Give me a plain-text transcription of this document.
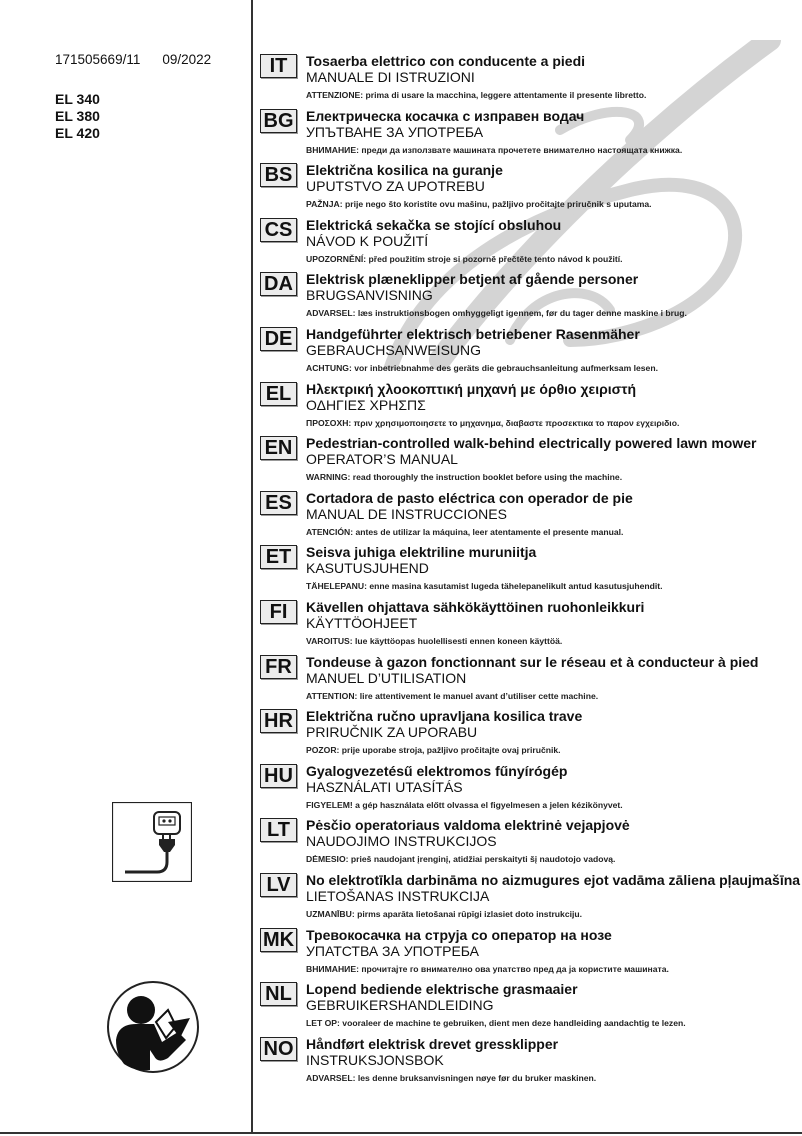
171505669/11 09/2022
EL 340
EL 380
EL 420
IT	Tosaerba elettrico con conducente a piedi
MANUALE DI ISTRUZIONI
ATTENZIONE: prima di usare la macchina, leggere attentamente il presente libretto.
BG Електрическа косачка с изправен водач
УПЪТВАНЕ ЗА УПОТРЕБА
ВНИМАНИЕ: преди да използвате машината прочетете внимателно настоящата книжка.
BS Električna kosilica na guranje
UPUTSTVO ZA UPOTREBU
PAŽNJA: prije nego što koristite ovu mašinu, pažljivo pročitajte priručnik s uputama.
CS Elektrická sekačka se stojící obsluhou
NÁVOD K POUŽITÍ
UPOZORNĚNÍ: před použitím stroje si pozorně přečtěte tento návod k použití.
DA Elektrisk plæneklipper betjent af gående personer
BRUGSANVISNING
ADVARSEL: læs instruktionsbogen omhyggeligt igennem, før du tager denne maskine i brug.
DE Handgeführter elektrisch betriebener Rasenmäher
GEBRAUCHSANWEISUNG
ACHTUNG: vor inbetriebnahme des geräts die gebrauchsanleitung aufmerksam lesen.
EL	Ηλεκτρική χλοοκοπτική μηχανή με όρθιο χειριστή
ΟΔΗΓΙΕΣ ΧΡΗΣΠΣ
ΠΡΟΣΟΧΗ: πριν χρησιμοποιησετε το μηχανημα, διαβαστε προσεκτικα το παρον εγχειριδιο.
EN Pedestrian-controlled walk-behind electrically powered lawn mower
OPERATOR’S MANUAL
WARNING: read thoroughly the instruction booklet before using the machine.
ES	Cortadora de pasto eléctrica con operador de pie
MANUAL DE INSTRUCCIONES
ATENCIÓN: antes de utilizar la máquina, leer atentamente el presente manual.
ET	Seisva juhiga elektriline muruniitja
KASUTUSJUHEND
TÄHELEPANU: enne masina kasutamist lugeda tähelepanelikult antud kasutusjuhendit.
FI	Kävellen ohjattava sähkökäyttöinen ruohonleikkuri
KÄYTTÖOHJEET
VAROITUS: lue käyttöopas huolellisesti ennen koneen käyttöä.
FR	Tondeuse à gazon fonctionnant sur le réseau et à conducteur à pied
MANUEL D’UTILISATION
ATTENTION: lire attentivement le manuel avant d’utiliser cette machine.
HR Električna ručno upravljana kosilica trave
PRIRUČNIK ZA UPORABU
POZOR: prije uporabe stroja, pažljivo pročitajte ovaj priručnik.
HU Gyalogvezetésű elektromos fűnyírógép
HASZNÁLATI UTASÍTÁS
FIGYELEM! a gép használata előtt olvassa el figyelmesen a jelen kézikönyvet.
LT	Pėsčio operatoriaus valdoma elektrinė vejapjovė
NAUDOJIMO INSTRUKCIJOS
DĖMESIO: prieš naudojant įrenginį, atidžiai perskaityti šį naudotojo vadovą.
LV	No elektrotīkla darbināma no aizmugures ejot vadāma zāliena pļaujmašīna
LIETOŠANAS INSTRUKCIJA
UZMANĪBU: pirms aparāta lietošanai rūpīgi izlasiet doto instrukciju.
MK Тревокосачка на струја со оператор на нозе
УПАТСТВА ЗА УПОТРЕБА
ВНИМАНИЕ: прочитајте го внимателно ова упатство пред да ја користите машината.
NL	Lopend bediende elektrische grasmaaier
GEBRUIKERSHANDLEIDING
LET OP: vooraleer de machine te gebruiken, dient men deze handleiding aandachtig te lezen.
NO Håndført elektrisk drevet gressklipper
INSTRUKSJONSBOK
ADVARSEL: les denne bruksanvisningen nøye før du bruker maskinen.
